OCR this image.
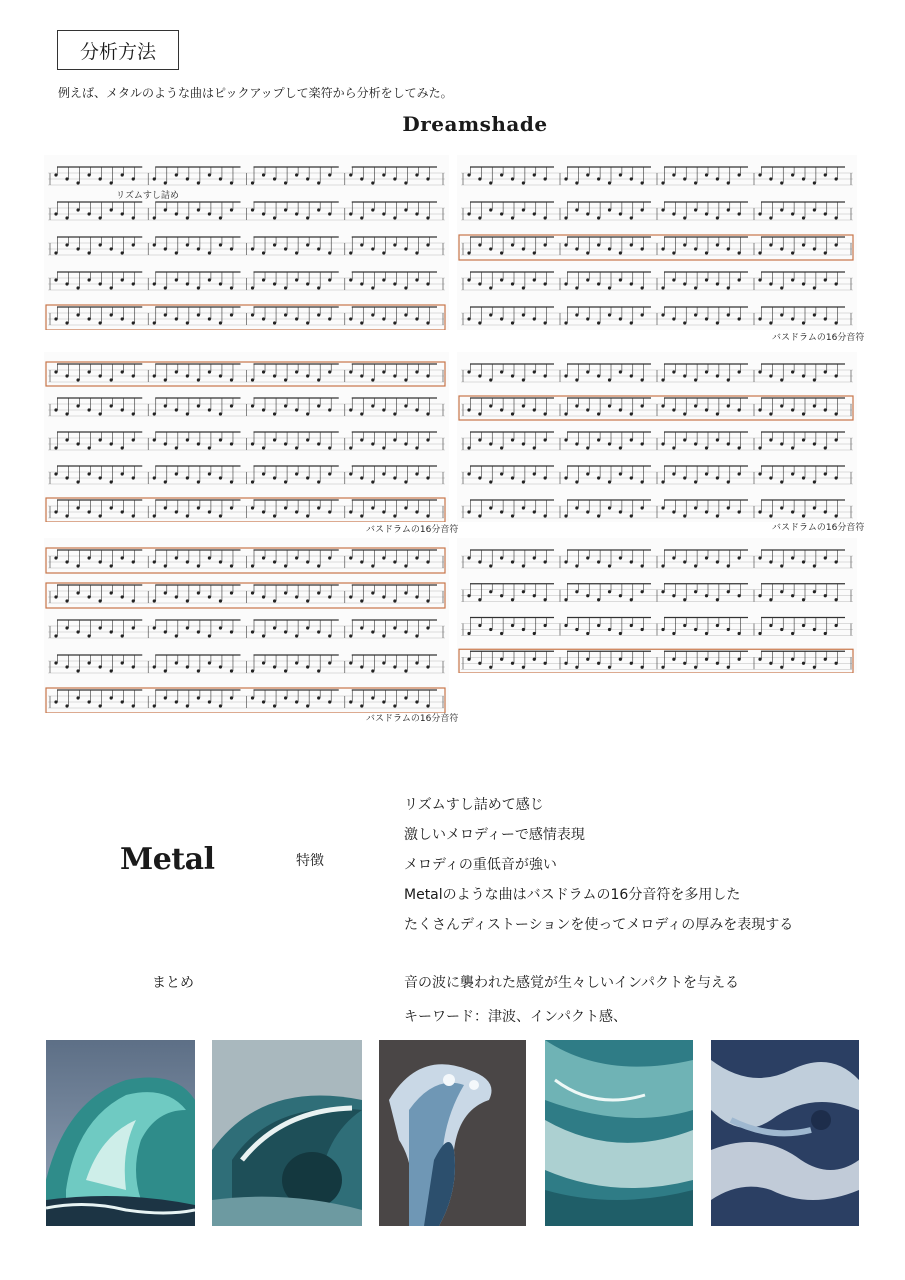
分析方法
例えば、メタルのような曲はピックアップして楽符から分析をしてみた。
Dreamshade
リズムすし詰め
バスドラムの16分音符
バスドラムの16分音符	バスドラムの16分音符
バスドラムの16分音符
Metal	特徴
リズムすし詰めて感じ
激しいメロディーで感情表現
メロディの重低音が強い
Metalのような曲はバスドラムの16分音符を多用した
たくさんディストーションを使ってメロディの厚みを表現する
まとめ	音の波に襲われた感覚が生々しいインパクトを与える
キーワード：津波、インパクト感、
